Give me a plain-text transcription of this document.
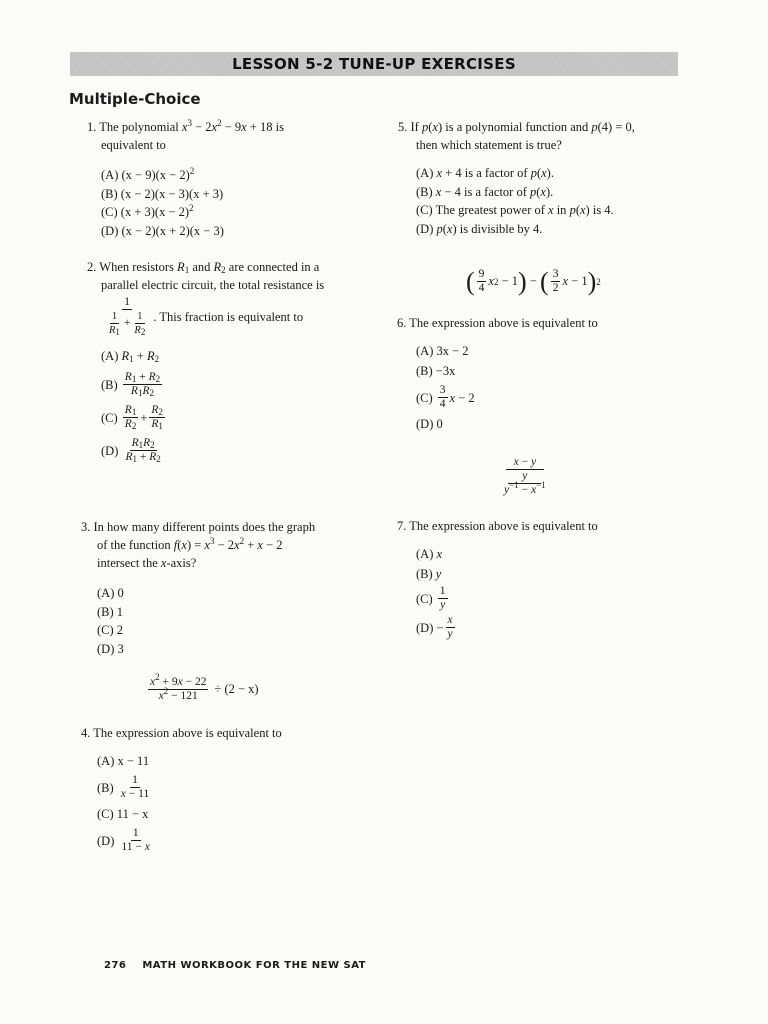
LESSON 5-2 TUNE-UP EXERCISES
Multiple-Choice
1. The polynomial $x^3 - 2x^2 - 9x + 18$ is
equivalent to
(A) $(x - 9)(x - 2)^2$
(B) (x − 2)(x − 3)(x + 3)
(C) $(x + 3)(x - 2)^2$
(D) (x − 2)(x + 2)(x − 3)
2. When resistors $R_1$ and $R_2$ are connected in a
parallel electric circuit, the total resistance is
$\frac{1}{\frac{1}{R_1} + \frac{1}{R_2}}$ . This fraction is equivalent to
(A) $R_1 + R_2$
$(B) \frac{R_1 + R_2}{R_1R_2}$
$(C) \frac{R_1}{R_2} + \frac{R_2}{R_1}$
$(D) \frac{R_1R_2}{R_1 + R_2}$
3. In how many different points does the graph
of the function $f(x) = x^3 - 2x^2 + x - 2$
intersect the x-axis?
(A) 0
(B) 1
(C) 2
(D) 3
$\frac{x^2 + 9x - 22}{x^2 - 121} \div (2 - x)$
4. The expression above is equivalent to
(A) x − 11
$(B) \frac{1}{x - 11}$
(C) 11 − x
$(D) \frac{1}{11 - x}$
5. If p(x) is a polynomial function and p(4) = 0,
then which statement is true?
(A) x + 4 is a factor of p(x).
(B) x − 4 is a factor of p(x).
(C) The greatest power of x in p(x) is 4.
(D) p(x) is divisible by 4.
( $\frac{9}{4}$ x 2 − 1 ) − ( $\frac{3}{2}$ x − 1 ) 2
6. The expression above is equivalent to
(A) 3x − 2
(B) −3x
$(C) \frac{3}{4}$ x − 2
(D) 0
x − y
y
$y^{-1} - x^{-1}$
7. The expression above is equivalent to
(A) x
(B) y
$(C) \frac{1}{y}$
$(D) - \frac{x}{y}$
276 MATH WORKBOOK FOR THE NEW SAT
